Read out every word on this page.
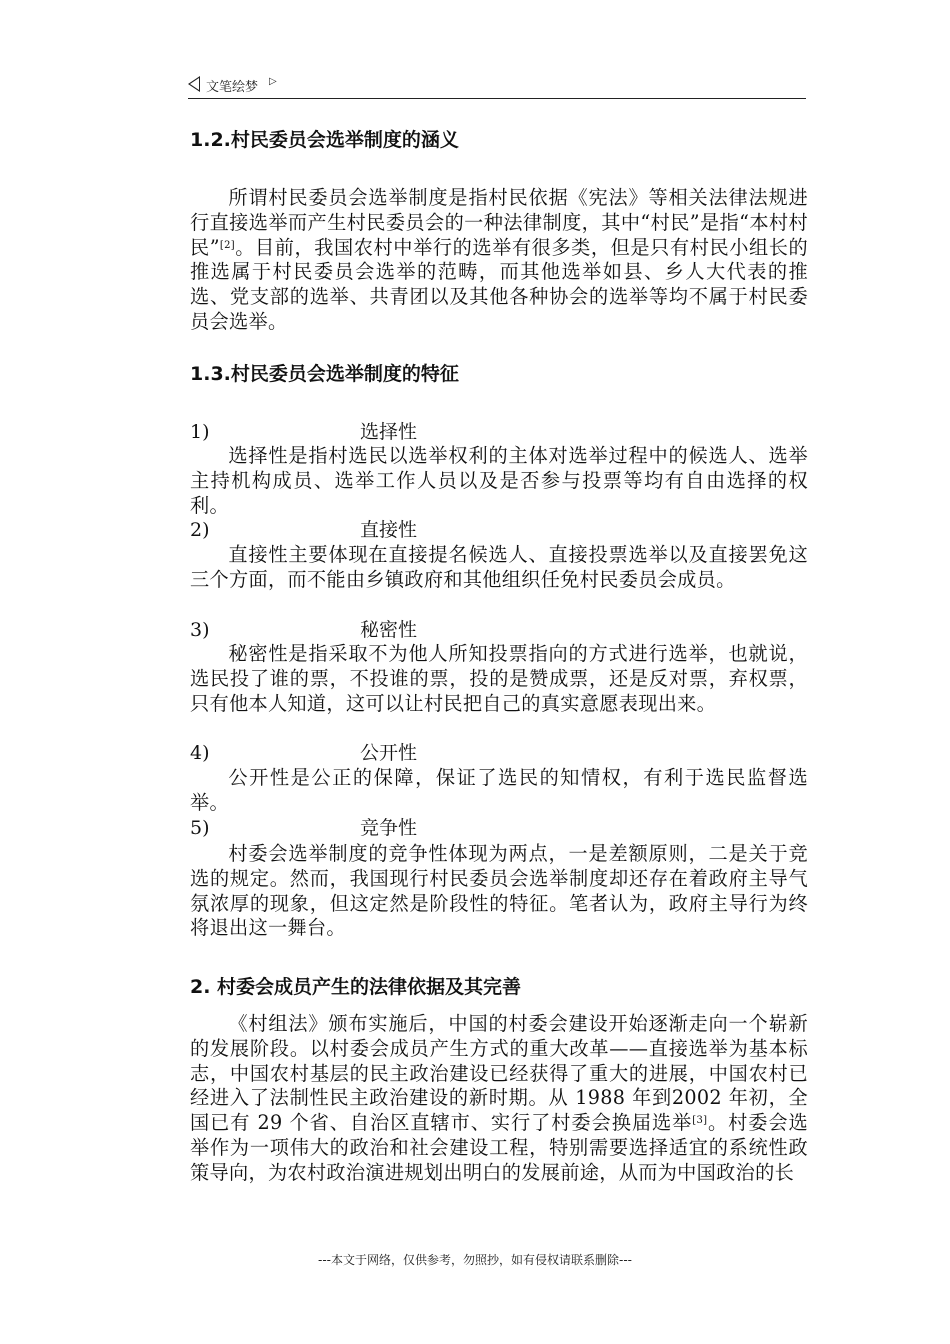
文笔绘梦 ▷
1.2.村民委员会选举制度的涵义

所谓村民委员会选举制度是指村民依据《宪法》等相关法律法规进行直接选举而产生村民委员会的一种法律制度，其中“村民”是指“本村村民”[2]。目前，我国农村中举行的选举有很多类，但是只有村民小组长的推选属于村民委员会选举的范畴，而其他选举如县、乡人大代表的推选、党支部的选举、共青团以及其他各种协会的选举等均不属于村民委员会选举。

1.3.村民委员会选举制度的特征
1)	选择性

选择性是指村选民以选举权利的主体对选举过程中的候选人、选举主持机构成员、选举工作人员以及是否参与投票等均有自由选择的权利。

2)	直接性

直接性主要体现在直接提名候选人、直接投票选举以及直接罢免这三个方面，而不能由乡镇政府和其他组织任免村民委员会成员。

3)	秘密性

秘密性是指采取不为他人所知投票指向的方式进行选举，也就说，选民投了谁的票，不投谁的票，投的是赞成票，还是反对票，弃权票，只有他本人知道，这可以让村民把自己的真实意愿表现出来。

4)	公开性

公开性是公正的保障，保证了选民的知情权，有利于选民监督选举。

5)	竞争性

村委会选举制度的竞争性体现为两点，一是差额原则，二是关于竞选的规定。然而，我国现行村民委员会选举制度却还存在着政府主导气氛浓厚的现象，但这定然是阶段性的特征。笔者认为，政府主导行为终将退出这一舞台。

2. 村委会成员产生的法律依据及其完善

《村组法》颁布实施后，中国的村委会建设开始逐渐走向一个崭新的发展阶段。以村委会成员产生方式的重大改革——直接选举为基本标志，中国农村基层的民主政治建设已经获得了重大的进展，中国农村已经进入了法制性民主政治建设的新时期。从 1988 年到2002 年初，全国已有 29 个省、自治区直辖市、实行了村委会换届选举[3]。村委会选举作为一项伟大的政治和社会建设工程，特别需要选择适宜的系统性政策导向，为农村政治演进规划出明白的发展前途，从而为中国政治的长

---本文于网络，仅供参考，勿照抄，如有侵权请联系删除---
